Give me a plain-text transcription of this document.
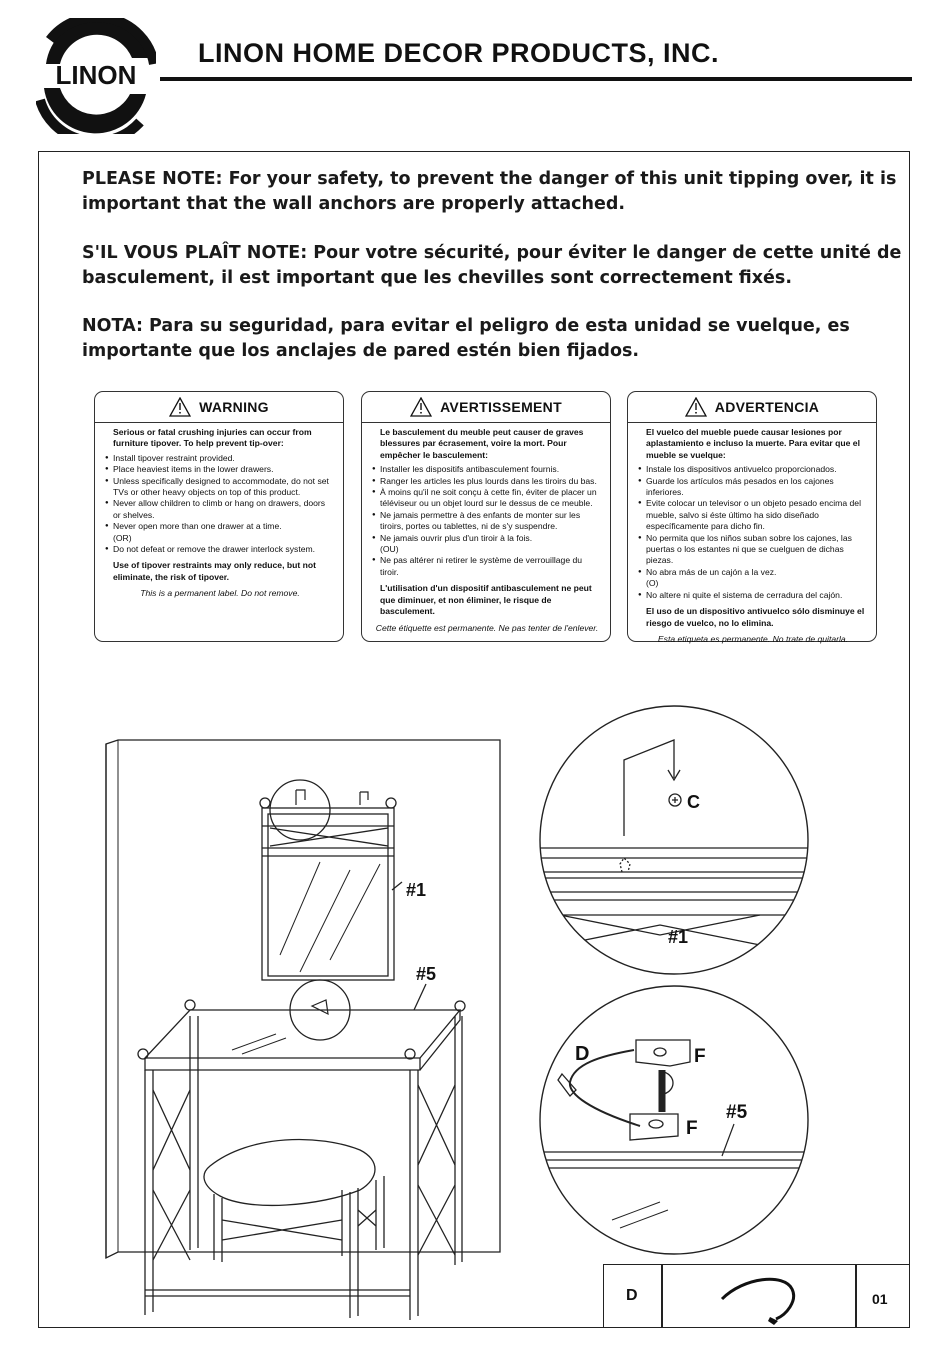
LINON
LINON HOME DECOR PRODUCTS, INC.
PLEASE NOTE: For your safety, to prevent the danger of this unit tipping over, it is important that the wall anchors are properly attached.
S'IL VOUS PLAÎT NOTE: Pour votre sécurité, pour éviter le danger de cette unité de basculement, il est important que les chevilles sont correctement fixés.
NOTA: Para su seguridad, para evitar el peligro de esta unidad se vuelque, es importante que los anclajes de pared estén bien fijados.
WARNING
Serious or fatal crushing injuries can occur from furniture tipover. To help prevent tip-over:
● Install tipover restraint provided.
● Place heaviest items in the lower drawers.
● Unless specifically designed to accommodate, do not set TVs or other heavy objects on top of this product.
● Never allow children to climb or hang on drawers, doors or shelves.
● Never open more than one drawer at a time.
(OR)
● Do not defeat or remove the drawer interlock system.
Use of tipover restraints may only reduce, but not eliminate, the risk of tipover.
This is a permanent label. Do not remove.
AVERTISSEMENT
Le basculement du meuble peut causer de graves blessures par écrasement, voire la mort. Pour empêcher le basculement:
● Installer les dispositifs antibasculement fournis.
● Ranger les articles les plus lourds dans les tiroirs du bas.
● À moins qu'il ne soit conçu à cette fin, éviter de placer un téléviseur ou un objet lourd sur le dessus de ce meuble.
● Ne jamais permettre à des enfants de monter sur les tiroirs, portes ou tablettes, ni de s'y suspendre.
● Ne jamais ouvrir plus d'un tiroir à la fois.
(OU)
● Ne pas altérer ni retirer le système de verrouillage du tiroir.
L'utilisation d'un dispositif antibasculement ne peut que diminuer, et non éliminer, le risque de basculement.
Cette étiquette est permanente. Ne pas tenter de l'enlever.
ADVERTENCIA
El vuelco del mueble puede causar lesiones por aplastamiento e incluso la muerte. Para evitar que el mueble se vuelque:
● Instale los dispositivos antivuelco proporcionados.
● Guarde los artículos más pesados en los cajones inferiores.
● Evite colocar un televisor o un objeto pesado encima del mueble, salvo si éste último ha sido diseñado específicamente para dicho fin.
● No permita que los niños suban sobre los cajones, las puertas o los estantes ni que se cuelguen de dichas piezas.
● No abra más de un cajón a la vez.
(O)
● No altere ni quite el sistema de cerradura del cajón.
El uso de un dispositivo antivuelco sólo disminuye el riesgo de vuelco, no lo elimina.
Esta etiqueta es permanente. No trate de quitarla.
#1
#5
C
#1
D	F
F
#5
D	01
